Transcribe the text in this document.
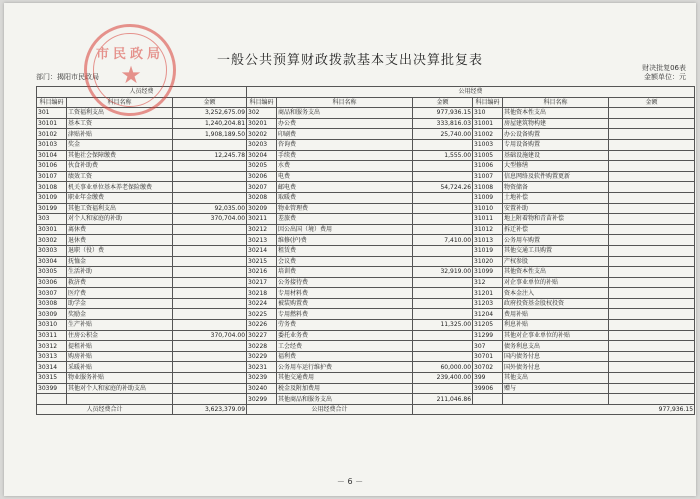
一般公共预算财政拨款基本支出决算批复表	财决批复06表
金额单位：元
部门：揭阳市民政局
人员经费			公用经费					
科目编码	科目名称	金额	科目编码	科目名称	金额	科目编码	科目名称	金额
301	工资福利支出	3,252,675.09	302	商品和服务支出	977,936.15	310	其他资本性支出	
30101	基本工资	1,240,204.81	30201	办公费	333,816.03	31001	房屋建筑物构建	
30102	津贴补贴	1,908,189.50	30202	印刷费	25,740.00	31002	办公设备购置	
30103	奖金		30203	咨询费		31003	专用设备购置	
30104	其他社会保障缴费	12,245.78	30204	手续费	1,555.00	31005	基础设施建设	
30106	伙食补助费		30205	水费		31006	大型修缮	
30107	绩效工资		30206	电费		31007	信息网络及软件购置更新	
30108	机关事业单位基本养老保险缴费		30207	邮电费	54,724.26	31008	物资储备	
30109	职业年金缴费		30208	取暖费		31009	土地补偿	
30199	其他工资福利支出	92,035.00	30209	物业管理费		31010	安置补助	
303	对个人和家庭的补助	370,704.00	30211	差旅费		31011	地上附着物和青苗补偿	
30301	离休费		30212	因公出国（境）费用		31012	拆迁补偿	
30302	退休费		30213	维修(护)费	7,410.00	31013	公务用车购置	
30303	退职（役）费		30214	租赁费		31019	其他交通工具购置	
30304	抚恤金		30215	会议费		31020	产权参股	
30305	生活补助		30216	培训费	32,919.00	31099	其他资本性支出	
30306	救济费		30217	公务接待费		312	对企事业单位的补贴	
30307	医疗费		30218	专用材料费		31201	资本金注入	
30308	助学金		30224	被装购置费		31203	政府投资基金股权投资	
30309	奖励金		30225	专用燃料费		31204	费用补贴	
30310	生产补贴		30226	劳务费	11,325.00	31205	利息补贴	
30311	住房公积金	370,704.00	30227	委托业务费		31299	其他对企事业单位的补贴	
30312	提租补贴		30228	工会经费		307	债务利息支出	
30313	购房补贴		30229	福利费		30701	国内债务付息	
30314	采暖补贴		30231	公务用车运行维护费	60,000.00	30702	国外债务付息	
30315	物业服务补贴		30239	其他交通费用	239,400.00	399	其他支出	
30399	其他对个人和家庭的补助支出		30240	税金及附加费用		39906	赠与	
			30299	其他商品和服务支出	211,046.86			
人员经费合计		3,623,379.09	公用经费合计		977,936.15			
市民政局
★
－ 6 －
